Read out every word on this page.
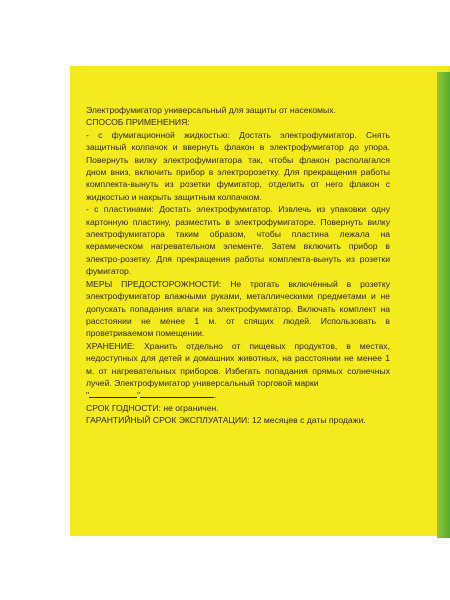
Электрофумигатор универсальный для защиты от насекомых.

СПОСОБ ПРИМЕНЕНИЯ:

- с фумигационной жидкостью: Достать электрофумигатор. Снять защитный колпачок и ввернуть флакон в электрофумигатор до упора. Повернуть вилку электрофумигатора так, чтобы флакон располагался дном вниз, включить прибор в электророзетку. Для прекращения работы комплекта-вынуть из розетки фумигатор, отделить от него флакон с жидкостью и накрыть защитным колпачком.

- с пластинами: Достать электрофумигатор. Извлечь из упаковки одну картонную пластину, разместить в электрофумигаторе. Повернуть вилку электрофумигатора таким образом, чтобы пластина лежала на керамическом нагревательном элементе. Затем включить прибор в электро-розетку. Для прекращения работы комплекта-вынуть из розетки фумигатор.

МЕРЫ ПРЕДОСТОРОЖНОСТИ: Не трогать включённый в розетку электрофумигатор влажными руками, металлическими предметами и не допускать попадания влаги на электрофумигатор. Включать комплект на расстоянии не менее 1 м. от спящих людей. Использовать в проветриваемом помещении.

ХРАНЕНИЕ: Хранить отдельно от пищевых продуктов, в местах, недоступных для детей и домашних животных, на расстоянии не менее 1 м. от нагревательных приборов. Избегать попадания прямых солнечных лучей. Электрофумигатор универсальный торговой марки
"	"	.

СРОК ГОДНОСТИ: не ограничен.

ГАРАНТИЙНЫЙ СРОК ЭКСПЛУАТАЦИИ: 12 месяцев с даты продажи.
